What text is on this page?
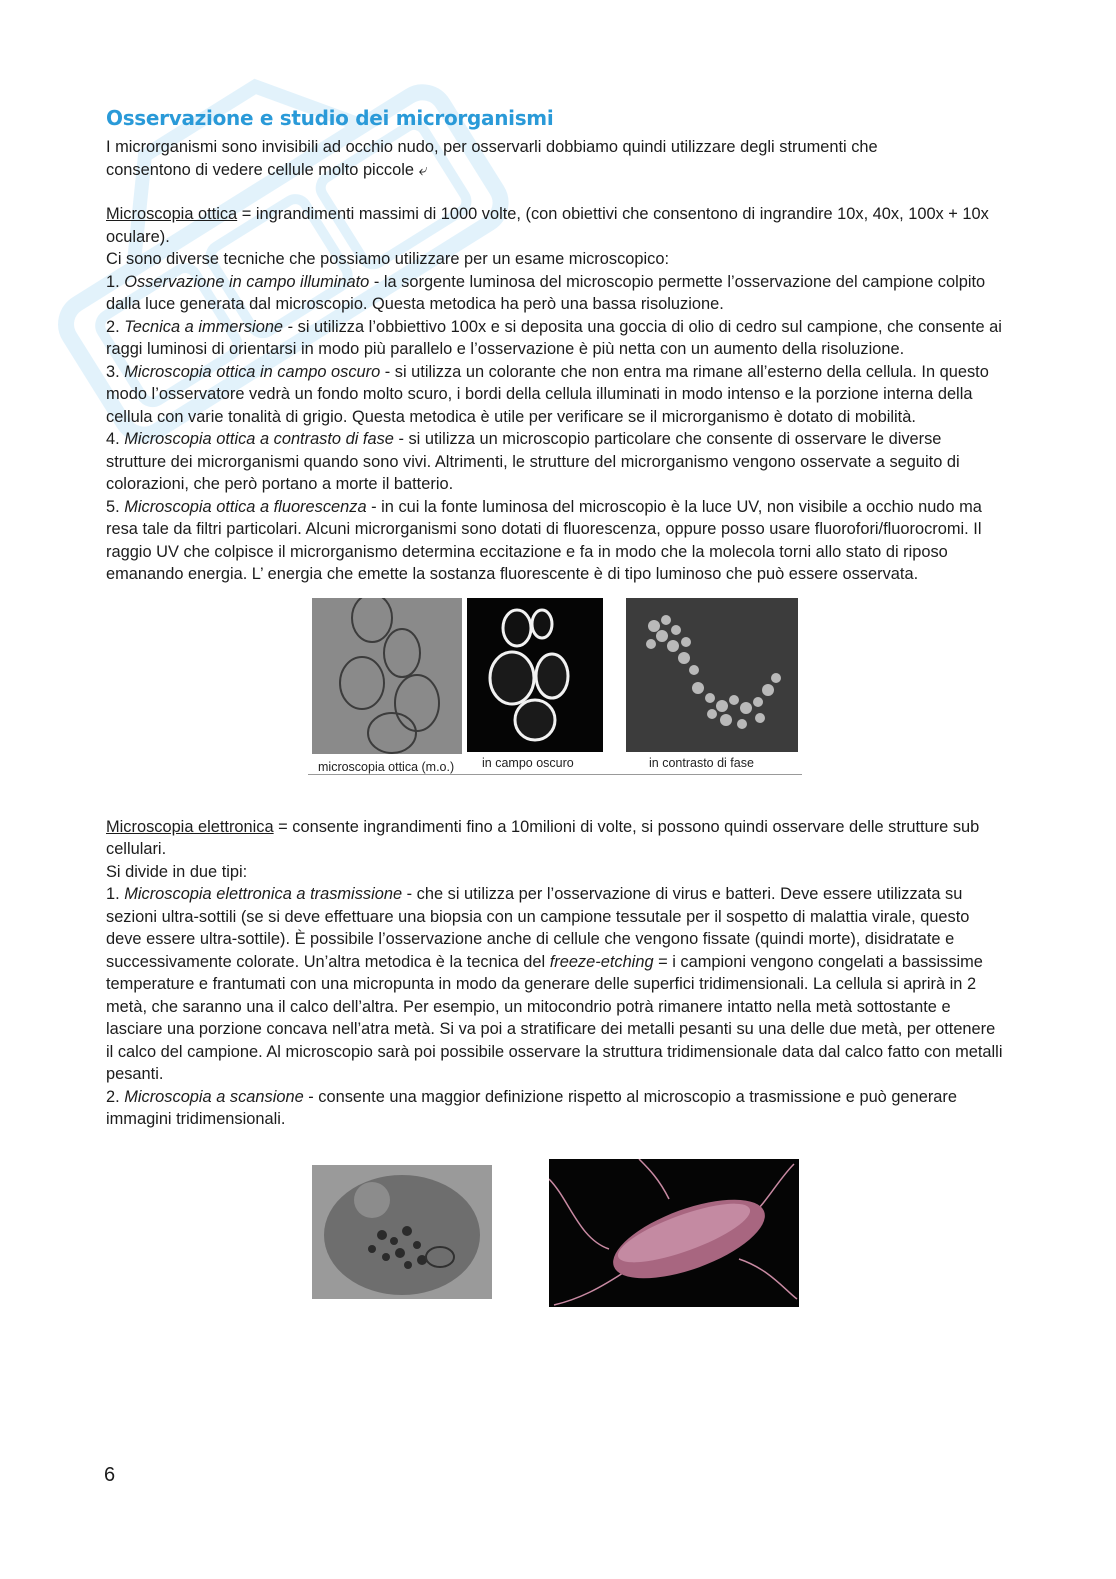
Osservazione e studio dei microrganismi

I microrganismi sono invisibili ad occhio nudo, per osservarli dobbiamo quindi utilizzare degli strumenti che
consentono di vedere cellule molto piccole ⤶

Microscopia ottica = ingrandimenti massimi di 1000 volte, (con obiettivi che consentono di ingrandire 10x, 40x, 100x + 10x oculare).

Ci sono diverse tecniche che possiamo utilizzare per un esame microscopico:

1. Osservazione in campo illuminato - la sorgente luminosa del microscopio permette l’osservazione del campione colpito dalla luce generata dal microscopio. Questa metodica ha però una bassa risoluzione.

2. Tecnica a immersione - si utilizza l’obbiettivo 100x e si deposita una goccia di olio di cedro sul campione, che consente ai raggi luminosi di orientarsi in modo più parallelo e l’osservazione è più netta con un aumento della risoluzione.

3. Microscopia ottica in campo oscuro - si utilizza un colorante che non entra ma rimane all’esterno della cellula. In questo modo l’osservatore vedrà un fondo molto scuro, i bordi della cellula illuminati in modo intenso e la porzione interna della cellula con varie tonalità di grigio. Questa metodica è utile per verificare se il microrganismo è dotato di mobilità.

4. Microscopia ottica a contrasto di fase - si utilizza un microscopio particolare che consente di osservare le diverse strutture dei microrganismi quando sono vivi. Altrimenti, le strutture del microrganismo vengono osservate a seguito di colorazioni, che però portano a morte il batterio.

5. Microscopia ottica a fluorescenza - in cui la fonte luminosa del microscopio è la luce UV, non visibile a occhio nudo ma resa tale da filtri particolari. Alcuni microrganismi sono dotati di fluorescenza, oppure posso usare fluorofori/fluorocromi. Il raggio UV che colpisce il microrganismo determina eccitazione e fa in modo che la molecola torni allo stato di riposo emanando energia. L’ energia che emette la sostanza fluorescente è di tipo luminoso che può essere osservata.

microscopia ottica (m.o.) in campo oscuro	in contrasto di fase

Microscopia elettronica = consente ingrandimenti fino a 10milioni di volte, si possono quindi osservare delle strutture sub cellulari.

Si divide in due tipi:

1. Microscopia elettronica a trasmissione - che si utilizza per l’osservazione di virus e batteri. Deve essere utilizzata su sezioni ultra-sottili (se si deve effettuare una biopsia con un campione tessutale per il sospetto di malattia virale, questo deve essere ultra-sottile). È possibile l’osservazione anche di cellule che vengono fissate (quindi morte), disidratate e successivamente colorate. Un’altra metodica è la tecnica del freeze-etching = i campioni vengono congelati a bassissime temperature e frantumati con una micropunta in modo da generare delle superfici tridimensionali. La cellula si aprirà in 2 metà, che saranno una il calco dell’altra. Per esempio, un mitocondrio potrà rimanere intatto nella metà sottostante e lasciare una porzione concava nell’atra metà. Si va poi a stratificare dei metalli pesanti su una delle due metà, per ottenere il calco del campione. Al microscopio sarà poi possibile osservare la struttura tridimensionale data dal calco fatto con metalli pesanti.

2. Microscopia a scansione - consente una maggior definizione rispetto al microscopio a trasmissione e può generare immagini tridimensionali.

6
